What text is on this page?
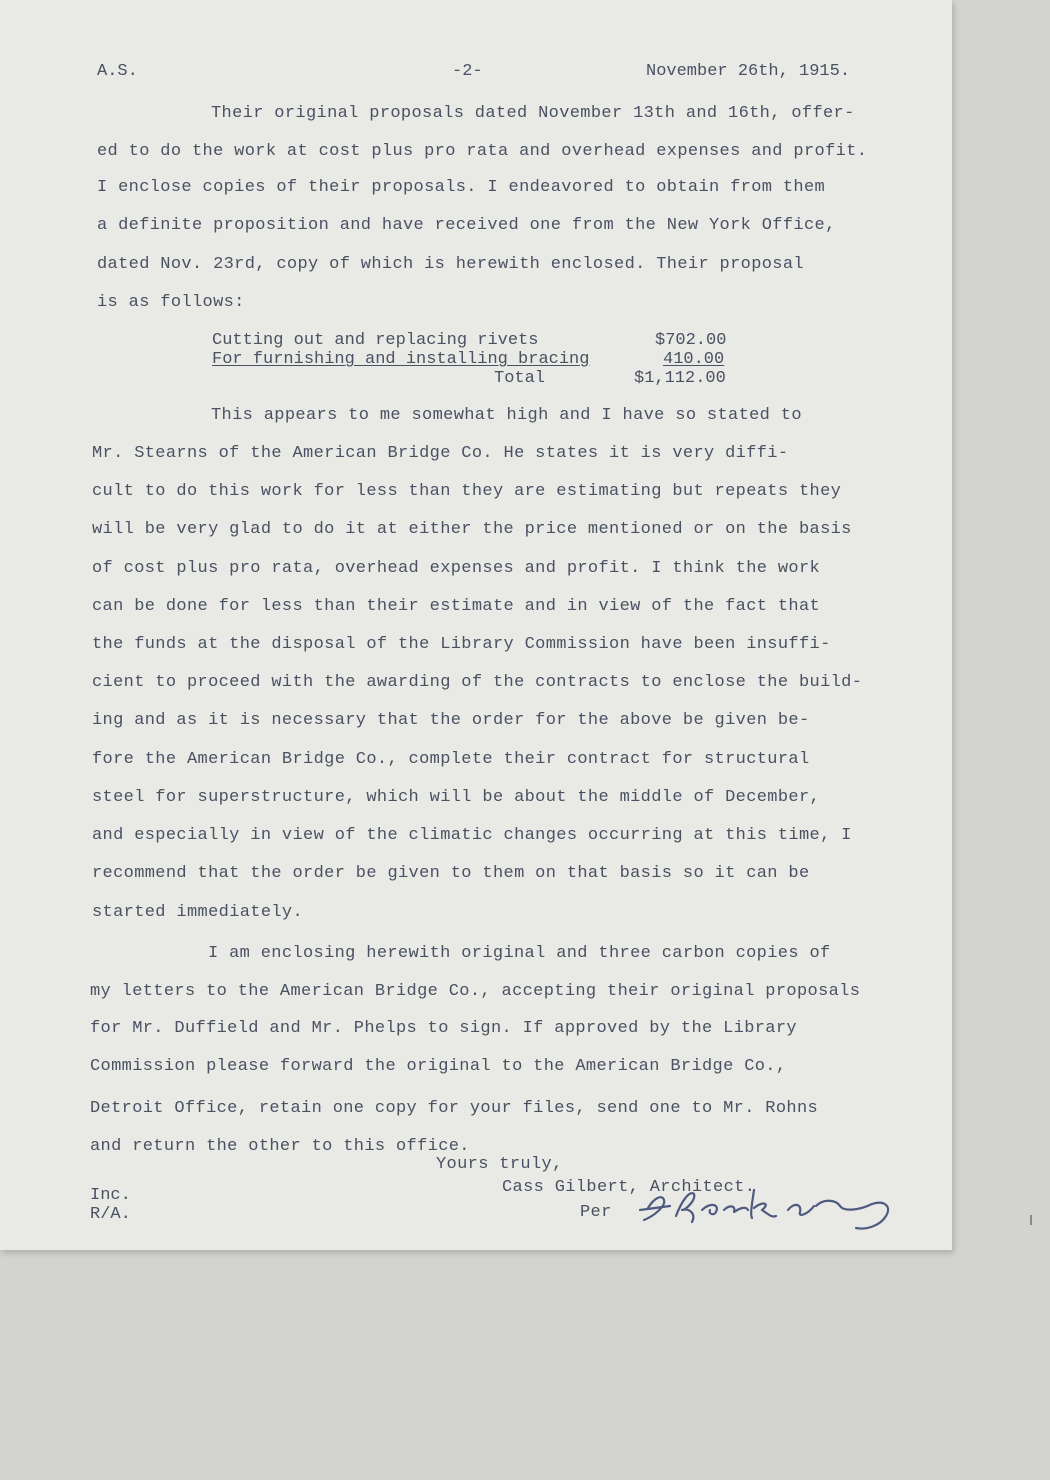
A.S.	-2-	November 26th, 1915.

Their original proposals dated November 13th and 16th, offer-

ed to do the work at cost plus pro rata and overhead expenses and profit.

I enclose copies of their proposals. I endeavored to obtain from them

a definite proposition and have received one from the New York Office,

dated Nov. 23rd, copy of which is herewith enclosed. Their proposal

is as follows:

Cutting out and replacing rivets	$702.00

For furnishing and installing bracing	410.00

Total	$1,112.00

This appears to me somewhat high and I have so stated to

Mr. Stearns of the American Bridge Co. He states it is very diffi-

cult to do this work for less than they are estimating but repeats they

will be very glad to do it at either the price mentioned or on the basis

of cost plus pro rata, overhead expenses and profit. I think the work

can be done for less than their estimate and in view of the fact that

the funds at the disposal of the Library Commission have been insuffi-

cient to proceed with the awarding of the contracts to enclose the build-

ing and as it is necessary that the order for the above be given be-

fore the American Bridge Co., complete their contract for structural

steel for superstructure, which will be about the middle of December,

and especially in view of the climatic changes occurring at this time, I

recommend that the order be given to them on that basis so it can be

started immediately.

I am enclosing herewith original and three carbon copies of

my letters to the American Bridge Co., accepting their original proposals

for Mr. Duffield and Mr. Phelps to sign. If approved by the Library

Commission please forward the original to the American Bridge Co.,

Detroit Office, retain one copy for your files, send one to Mr. Rohns

and return the other to this office.

Yours truly,

Cass Gilbert, Architect.

Per

Inc.

R/A.
